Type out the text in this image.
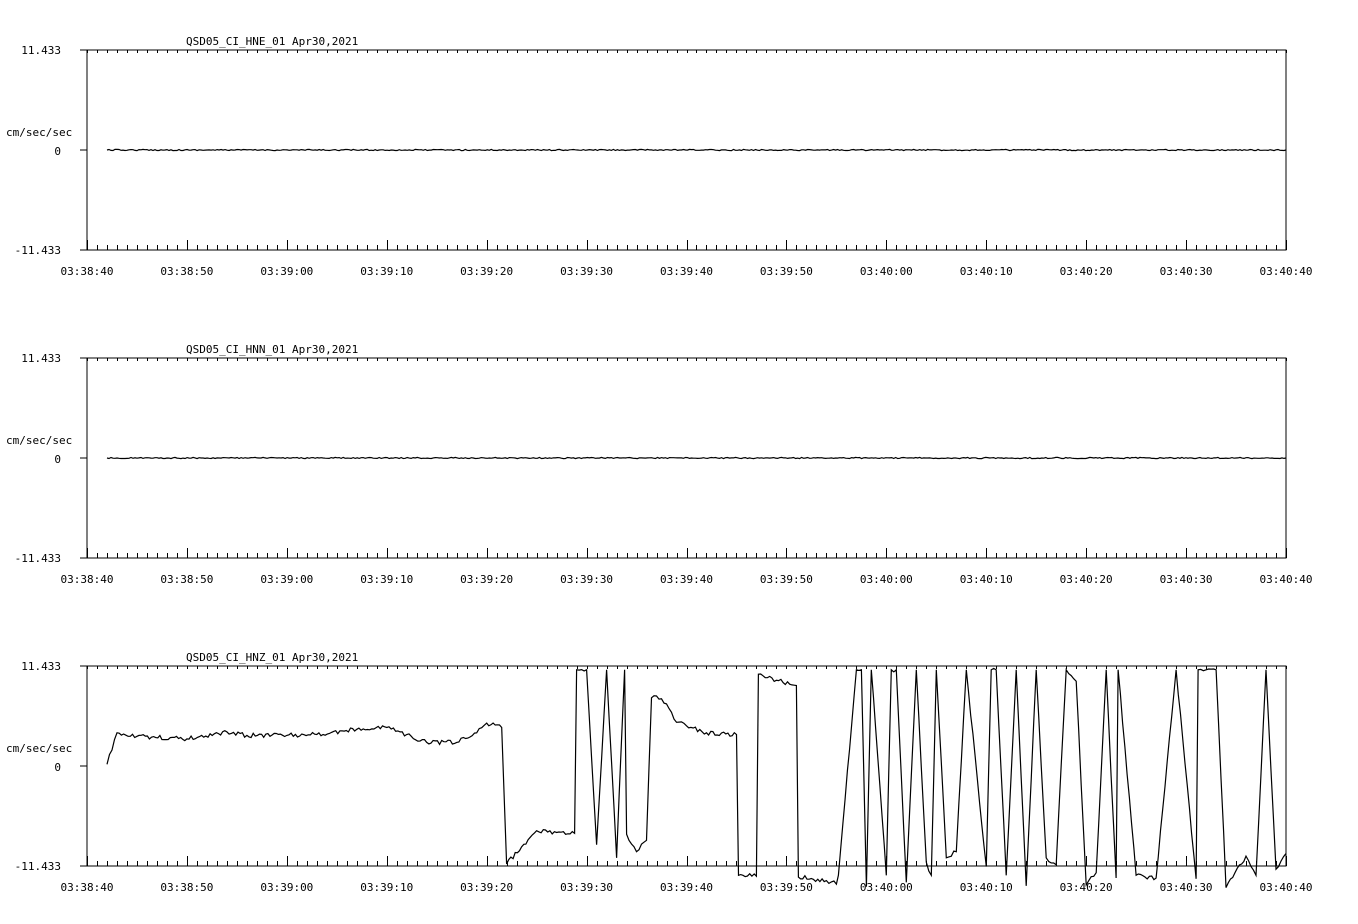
QSD05_CI_HNE_01 Apr30,2021
cm/sec/sec
11.433
0
-11.433
03:38:40	03:38:50	03:39:00	03:39:10	03:39:20	03:39:30	03:39:40	03:39:50	03:40:00	03:40:10	03:40:20	03:40:30	03:40:40
QSD05_CI_HNN_01 Apr30,2021
cm/sec/sec
11.433
0
-11.433
03:38:40	03:38:50	03:39:00	03:39:10	03:39:20	03:39:30	03:39:40	03:39:50	03:40:00	03:40:10	03:40:20	03:40:30	03:40:40
QSD05_CI_HNZ_01 Apr30,2021
cm/sec/sec
11.433
0
-11.433
03:38:40	03:38:50	03:39:00	03:39:10	03:39:20	03:39:30	03:39:40	03:39:50	03:40:00	03:40:10	03:40:20	03:40:30	03:40:40
